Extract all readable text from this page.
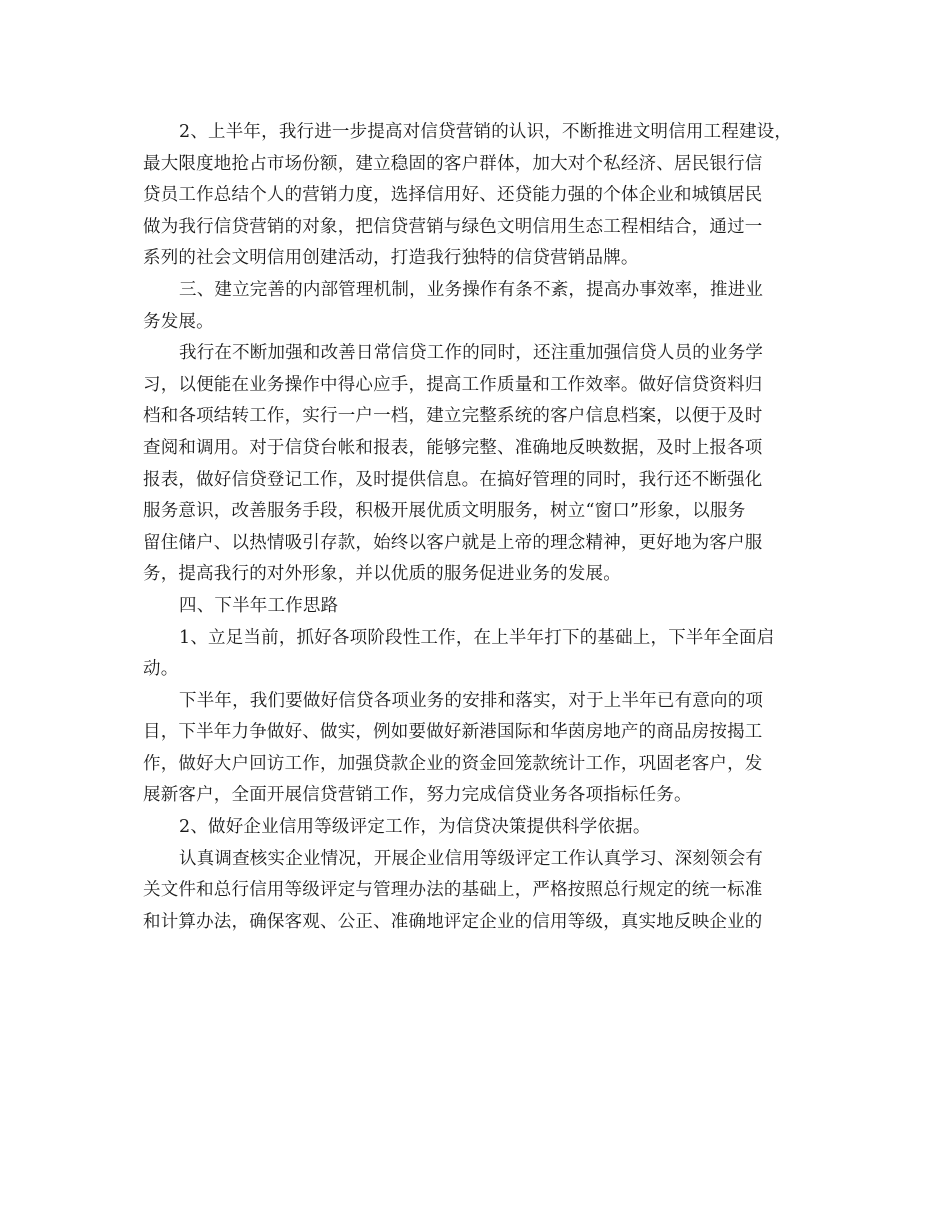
2、上半年，我行进一步提高对信贷营销的认识，不断推进文明信用工程建设，
最大限度地抢占市场份额，建立稳固的客户群体，加大对个私经济、居民银行信
贷员工作总结个人的营销力度，选择信用好、还贷能力强的个体企业和城镇居民
做为我行信贷营销的对象，把信贷营销与绿色文明信用生态工程相结合，通过一
系列的社会文明信用创建活动，打造我行独特的信贷营销品牌。
三、建立完善的内部管理机制，业务操作有条不紊，提高办事效率，推进业
务发展。
我行在不断加强和改善日常信贷工作的同时，还注重加强信贷人员的业务学
习，以便能在业务操作中得心应手，提高工作质量和工作效率。做好信贷资料归
档和各项结转工作，实行一户一档，建立完整系统的客户信息档案，以便于及时
查阅和调用。对于信贷台帐和报表，能够完整、准确地反映数据，及时上报各项
报表，做好信贷登记工作，及时提供信息。在搞好管理的同时，我行还不断强化
服务意识，改善服务手段，积极开展优质文明服务，树立“窗口”形象，以服务
留住储户、以热情吸引存款，始终以客户就是上帝的理念精神，更好地为客户服
务，提高我行的对外形象，并以优质的服务促进业务的发展。
四、下半年工作思路
1、立足当前，抓好各项阶段性工作，在上半年打下的基础上，下半年全面启
动。
下半年，我们要做好信贷各项业务的安排和落实，对于上半年已有意向的项
目，下半年力争做好、做实，例如要做好新港国际和华茵房地产的商品房按揭工
作，做好大户回访工作，加强贷款企业的资金回笼款统计工作，巩固老客户，发
展新客户，全面开展信贷营销工作，努力完成信贷业务各项指标任务。
2、做好企业信用等级评定工作，为信贷决策提供科学依据。
认真调查核实企业情况，开展企业信用等级评定工作认真学习、深刻领会有
关文件和总行信用等级评定与管理办法的基础上，严格按照总行规定的统一标准
和计算办法，确保客观、公正、准确地评定企业的信用等级，真实地反映企业的
